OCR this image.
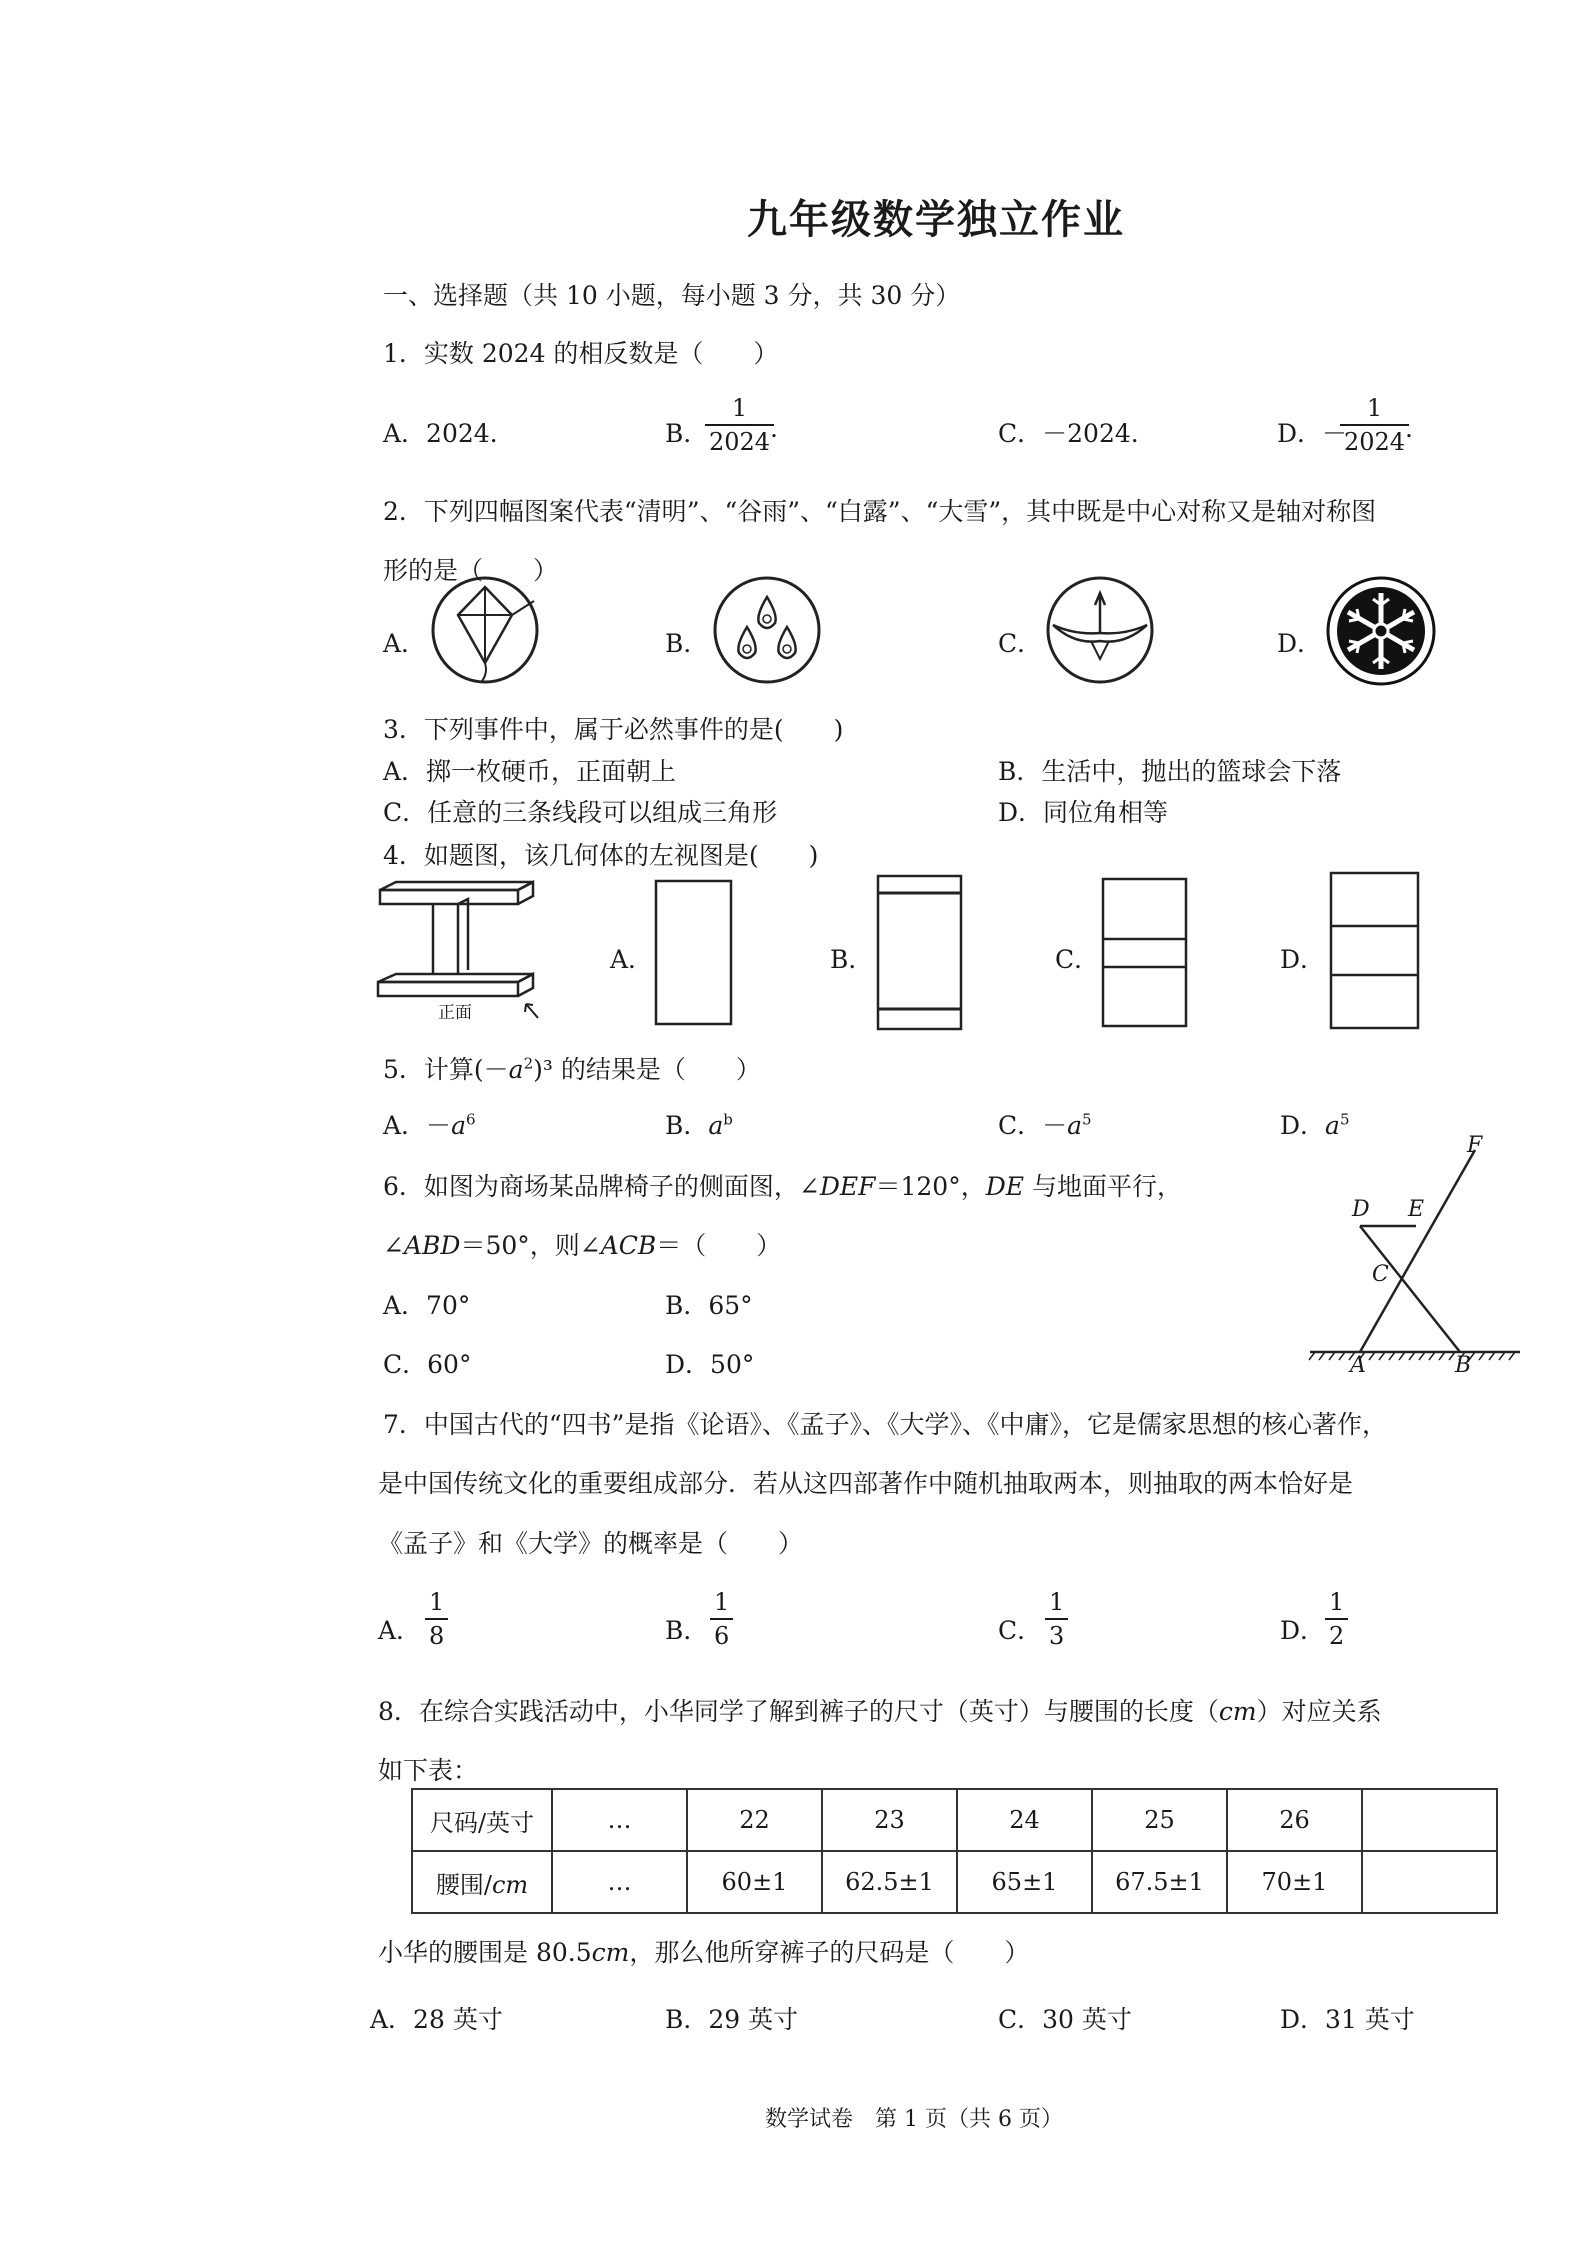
九年级数学独立作业
一、选择题（共 10 小题，每小题 3 分，共 30 分）
1．实数 2024 的相反数是（　　）
A．2024.	B．
$\frac{1}{2024}$
.	C．－2024.	D．－
$\frac{1}{2024}$
.
2．下列四幅图案代表“清明”、“谷雨”、“白露”、“大雪”，其中既是中心对称又是轴对称图
形的是（　　）
A．	B．	C．	D．
3．下列事件中，属于必然事件的是(　　)
A．掷一枚硬币，正面朝上	B．生活中，抛出的篮球会下落
C．任意的三条线段可以组成三角形	D．同位角相等
4．如题图，该几何体的左视图是(　　)
正面
A．	B．	C．	D．
5．计算$(-a^2)^3$ 的结果是（　　）
A．$-a^6$	B．$a^b$	C．$-a^5$	D．$a^5$
6．如图为商场某品牌椅子的侧面图，∠DEF＝120°，DE 与地面平行，
∠ABD＝50°，则∠ACB＝（　　）
A．70°	B．65°
C．60°	D．50°
F
D E
C
A	B
7．中国古代的“四书”是指《论语》、《孟子》、《大学》、《中庸》，它是儒家思想的核心著作，
是中国传统文化的重要组成部分．若从这四部著作中随机抽取两本，则抽取的两本恰好是
《孟子》和《大学》的概率是（　　）
A． $\frac{1}{8}$	B． $\frac{1}{6}$	C． $\frac{1}{3}$	D． $\frac{1}{2}$
8．在综合实践活动中，小华同学了解到裤子的尺寸（英寸）与腰围的长度（cm）对应关系
如下表：
尺码/英寸	…	22	23	24	25	26	
腰围/cm	…	60±1	62.5±1	65±1	67.5±1	70±1	
小华的腰围是 80.5cm，那么他所穿裤子的尺码是（　　）
A．28 英寸	B．29 英寸	C．30 英寸	D．31 英寸
数学试卷　第 1 页（共 6 页）
